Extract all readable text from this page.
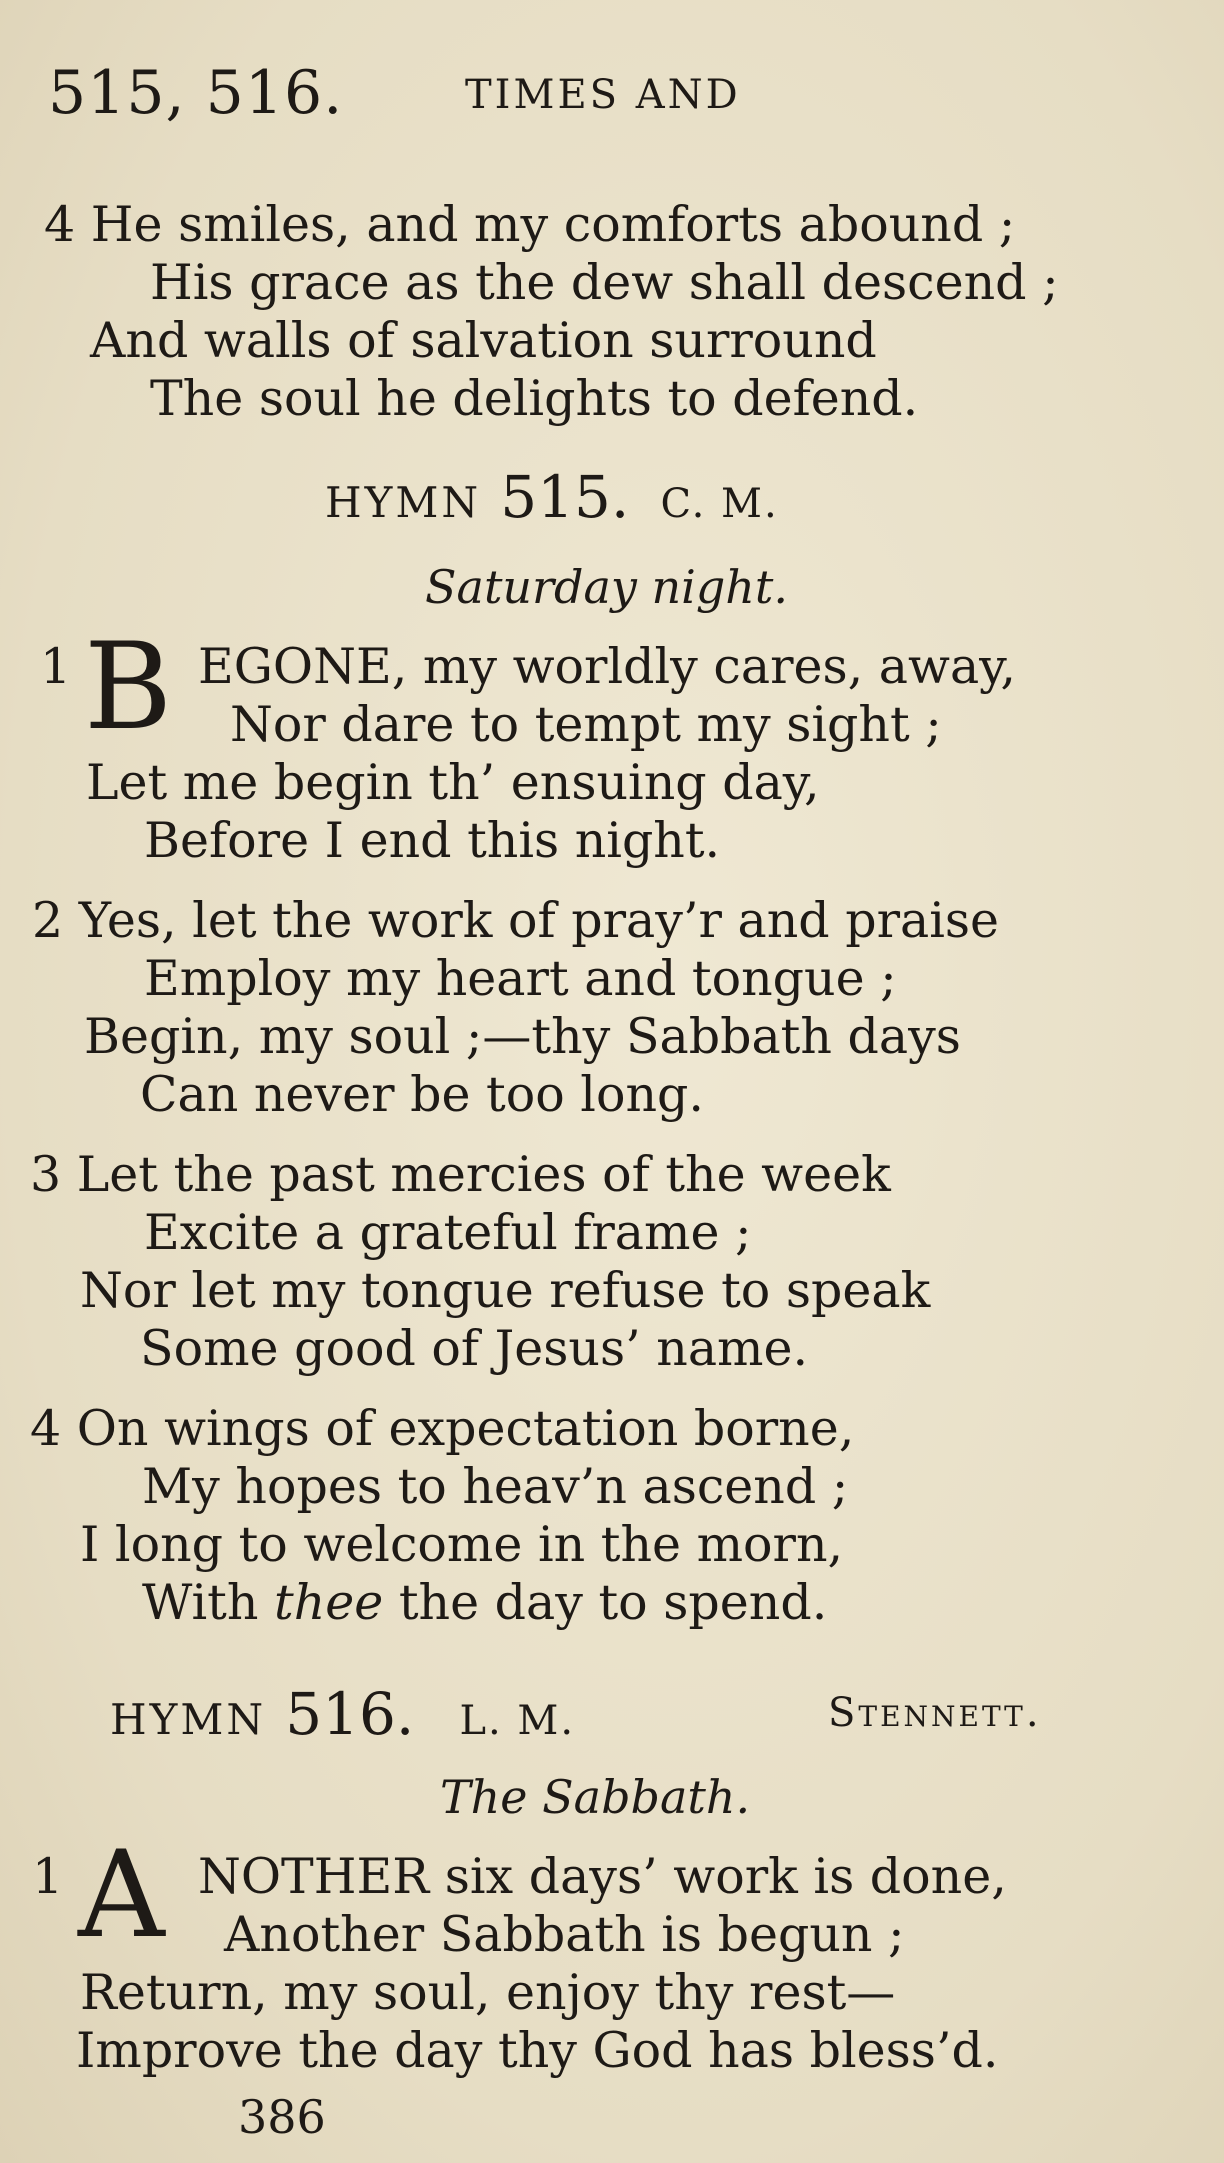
515, 516.	TIMES AND
4 He smiles, and my comforts abound ;
His grace as the dew shall descend ;
And walls of salvation surround
The soul he delights to defend.
HYMN 515. C. M.
Saturday night.
1 B EGONE, my worldly cares, away,
Nor dare to tempt my sight ;
Let me begin th’ ensuing day,
Before I end this night.
2 Yes, let the work of pray’r and praise
Employ my heart and tongue ;
Begin, my soul ;—thy Sabbath days
Can never be too long.
3 Let the past mercies of the week
Excite a grateful frame ;
Nor let my tongue refuse to speak
Some good of Jesus’ name.
4 On wings of expectation borne,
My hopes to heav’n ascend ;
I long to welcome in the morn,
With thee the day to spend.
HYMN 516. L. M.	Stennett.
The Sabbath.
1 A NOTHER six days’ work is done,
Another Sabbath is begun ;
Return, my soul, enjoy thy rest—
Improve the day thy God has bless’d.
386
